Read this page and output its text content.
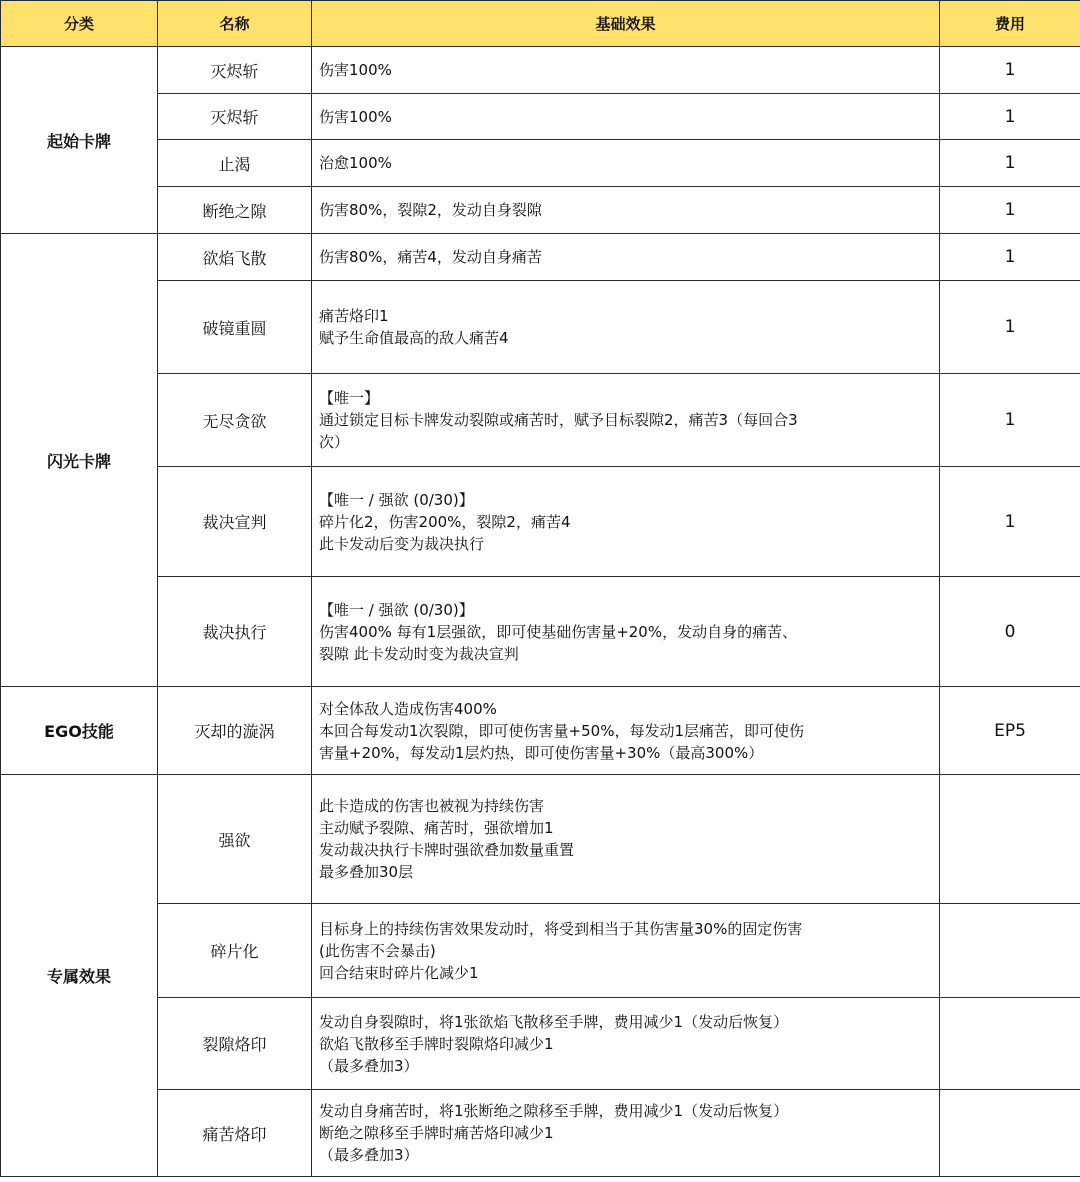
分类	名称	基础效果	费用
起始卡牌	灭烬斩	伤害100%	1
	灭烬斩	伤害100%	1
	止渴	治愈100%	1
	断绝之隙	伤害80%，裂隙2，发动自身裂隙	1
闪光卡牌	欲焰飞散	伤害80%，痛苦4，发动自身痛苦	1
	破镜重圆	痛苦烙印1
赋予生命值最高的敌人痛苦4	1
	无尽贪欲	【唯一】
通过锁定目标卡牌发动裂隙或痛苦时，赋予目标裂隙2，痛苦3（每回合3
次）	1
	裁决宣判	【唯一 / 强欲 (0/30)】
碎片化2，伤害200%，裂隙2，痛苦4
此卡发动后变为裁决执行	1
	裁决执行	【唯一 / 强欲 (0/30)】
伤害400% 每有1层强欲，即可使基础伤害量+20%，发动自身的痛苦、
裂隙 此卡发动时变为裁决宣判	0
EGO技能	灭却的漩涡	对全体敌人造成伤害400%
本回合每发动1次裂隙，即可使伤害量+50%，每发动1层痛苦，即可使伤
害量+20%，每发动1层灼热，即可使伤害量+30%（最高300%）	EP5
专属效果	强欲	此卡造成的伤害也被视为持续伤害
主动赋予裂隙、痛苦时，强欲增加1
发动裁决执行卡牌时强欲叠加数量重置
最多叠加30层	

	碎片化	目标身上的持续伤害效果发动时，将受到相当于其伤害量30%的固定伤害
(此伤害不会暴击)
回合结束时碎片化减少1	

	裂隙烙印	发动自身裂隙时，将1张欲焰飞散移至手牌，费用减少1（发动后恢复）
欲焰飞散移至手牌时裂隙烙印减少1
（最多叠加3）	

	痛苦烙印	发动自身痛苦时，将1张断绝之隙移至手牌，费用减少1（发动后恢复）
断绝之隙移至手牌时痛苦烙印减少1
（最多叠加3）	
